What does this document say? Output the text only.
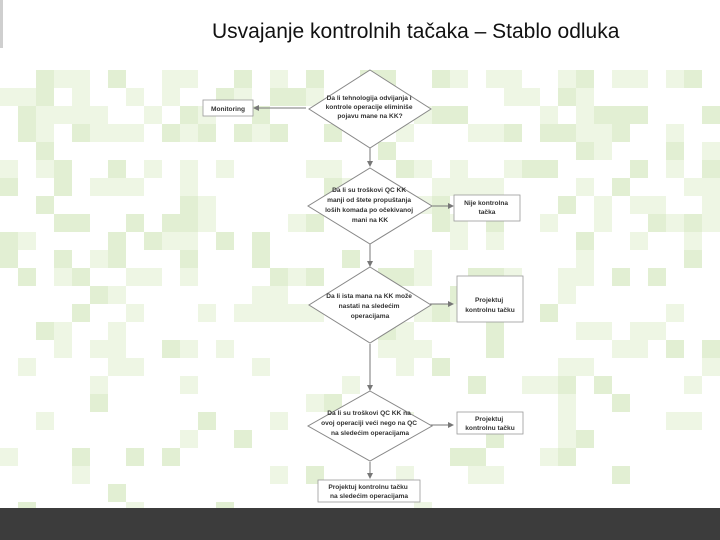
Usvajanje kontrolnih tačaka – Stablo odluka
Da li tehnologija odvijanja i kontrole operacije eliminiše pojavu mane na KK?
Da li su troškovi QC KK manji od štete propuštanja loših komada po očekivanoj mani na KK
Da li ista mana na KK može nastati na sledećim operacijama
Da li su troškovi QC KK na ovoj operaciji veći nego na QC na sledećim operacijama
Monitoring
Nije kontrolna tačka
Projektuj kontrolnu tačku
Projektuj kontrolnu tačku
Projektuj kontrolnu tačku na sledećim operacijama
